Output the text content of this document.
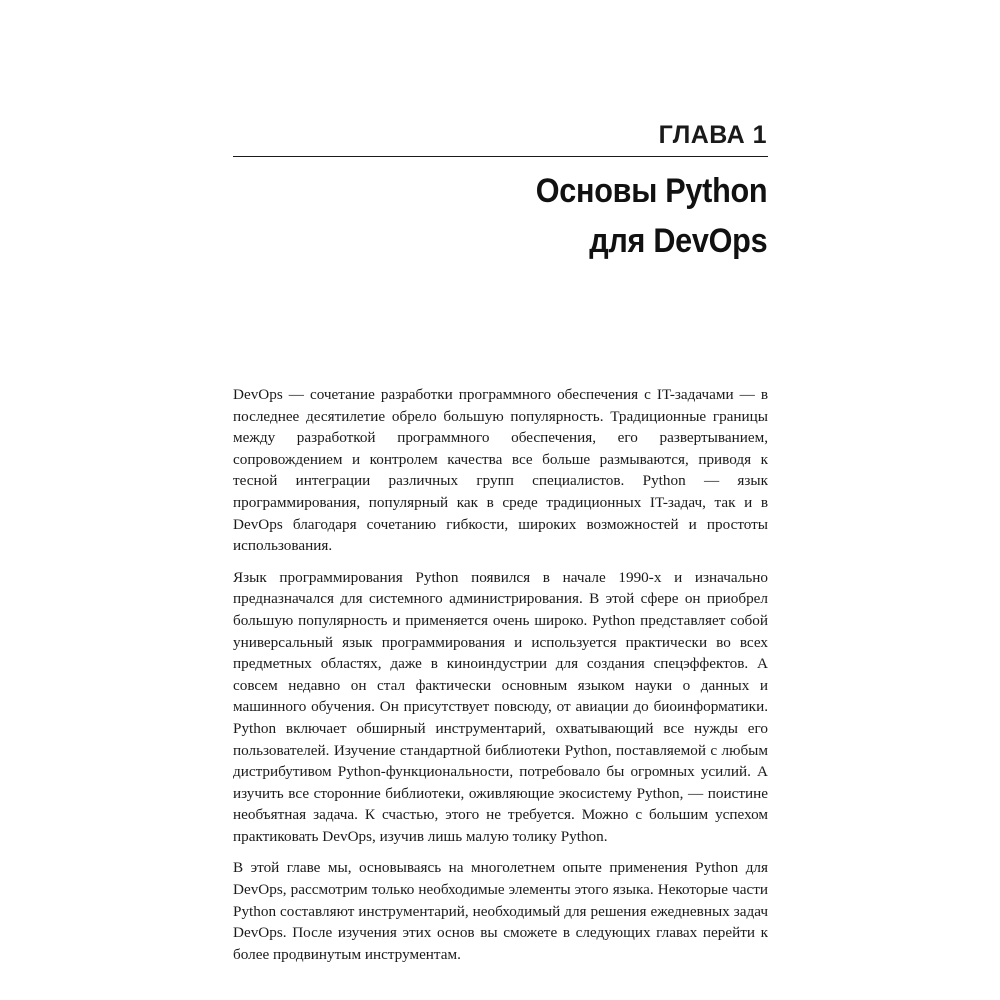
ГЛАВА 1
Основы Python
для DevOps

DevOps — сочетание разработки программного обеспечения с IT-задачами — в последнее десятилетие обрело большую популярность. Традиционные границы между разработкой программного обеспечения, его развертыванием, сопровождением и контролем качества все больше размываются, приводя к тесной интеграции различных групп специалистов. Python — язык программирования, популярный как в среде традиционных IT-задач, так и в DevOps благодаря сочетанию гибкости, широких возможностей и простоты использования.

Язык программирования Python появился в начале 1990-х и изначально предназначался для системного администрирования. В этой сфере он приобрел большую популярность и применяется очень широко. Python представляет собой универсальный язык программирования и используется практически во всех предметных областях, даже в киноиндустрии для создания спецэффектов. А совсем недавно он стал фактически основным языком науки о данных и машинного обучения. Он присутствует повсюду, от авиации до биоинформатики. Python включает обширный инструментарий, охватывающий все нужды его пользователей. Изучение стандартной библиотеки Python, поставляемой с любым дистрибутивом Python-функциональности, потребовало бы огромных усилий. А изучить все сторонние библиотеки, оживляющие экосистему Python, — поистине необъятная задача. К счастью, этого не требуется. Можно с большим успехом практиковать DevOps, изучив лишь малую толику Python.

В этой главе мы, основываясь на многолетнем опыте применения Python для DevOps, рассмотрим только необходимые элементы этого языка. Некоторые части Python составляют инструментарий, необходимый для решения ежедневных задач DevOps. После изучения этих основ вы сможете в следующих главах перейти к более продвинутым инструментам.
